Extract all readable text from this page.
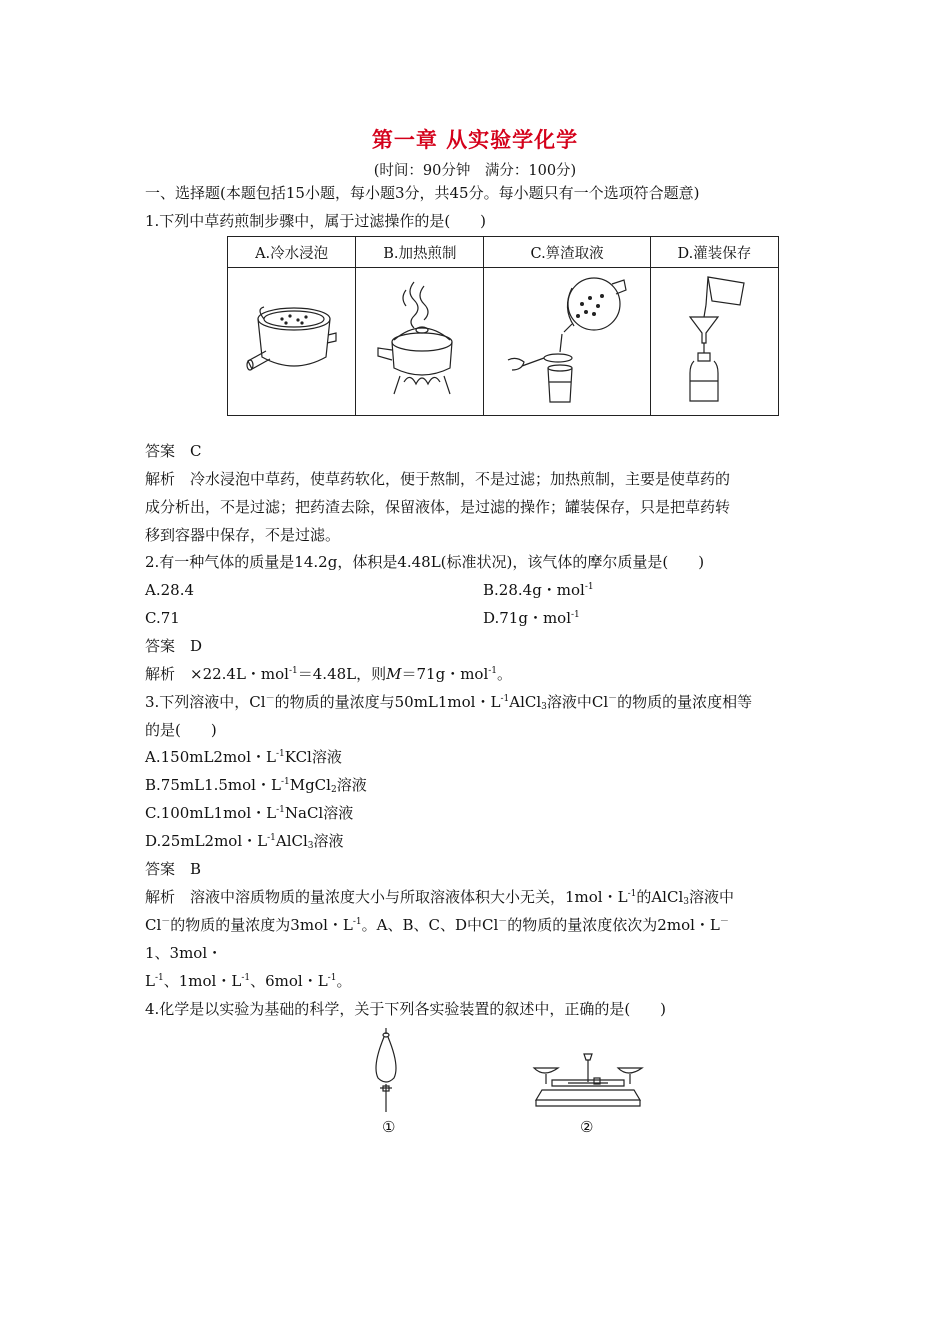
第一章 从实验学化学
(时间：90分钟　满分：100分)
一、选择题(本题包括15小题，每小题3分，共45分。每小题只有一个选项符合题意)
1.下列中草药煎制步骤中，属于过滤操作的是(　　)
A.冷水浸泡	B.加热煎制	C.箅渣取液	D.灌装保存

答案　C
解析　冷水浸泡中草药，使草药软化，便于熬制，不是过滤；加热煎制，主要是使草药的
成分析出，不是过滤；把药渣去除，保留液体，是过滤的操作；罐装保存，只是把草药转
移到容器中保存，不是过滤。
2.有一种气体的质量是14.2g，体积是4.48L(标准状况)，该气体的摩尔质量是(　　)
A.28.4	B.28.4g・mol$^{-1}$
C.71	D.71g・mol$^{-1}$
答案　D
解析　×22.4L・mol$^{-1}$＝4.48L，则M＝71g・mol$^{-1}$。
3.下列溶液中，Cl－的物质的量浓度与50mL1mol・$L^{-1}AlCl_3$溶液中Cl－的物质的量浓度相等
的是(　　)
A.150mL2mol・$L^{-1}KCl$溶液
B.75mL1.5mol・$L^{-1}MgCl_2$溶液
C.100mL1mol・$L^{-1}NaCl$溶液
D.25mL2mol・$L^{-1}AlCl_3$溶液
答案　B
解析　溶液中溶质物质的量浓度大小与所取溶液体积大小无关，1mol・$L^{-1}$的AlCl$_3$溶液中
Cl－的物质的量浓度为3mol・$L^{-1}$。A、B、C、D中Cl－的物质的量浓度依次为2mol・L－
1、3mol・
$L^{-1}$、1mol・$L^{-1}$、6mol・$L^{-1}$。
4.化学是以实验为基础的科学，关于下列各实验装置的叙述中，正确的是(　　)
①	②
